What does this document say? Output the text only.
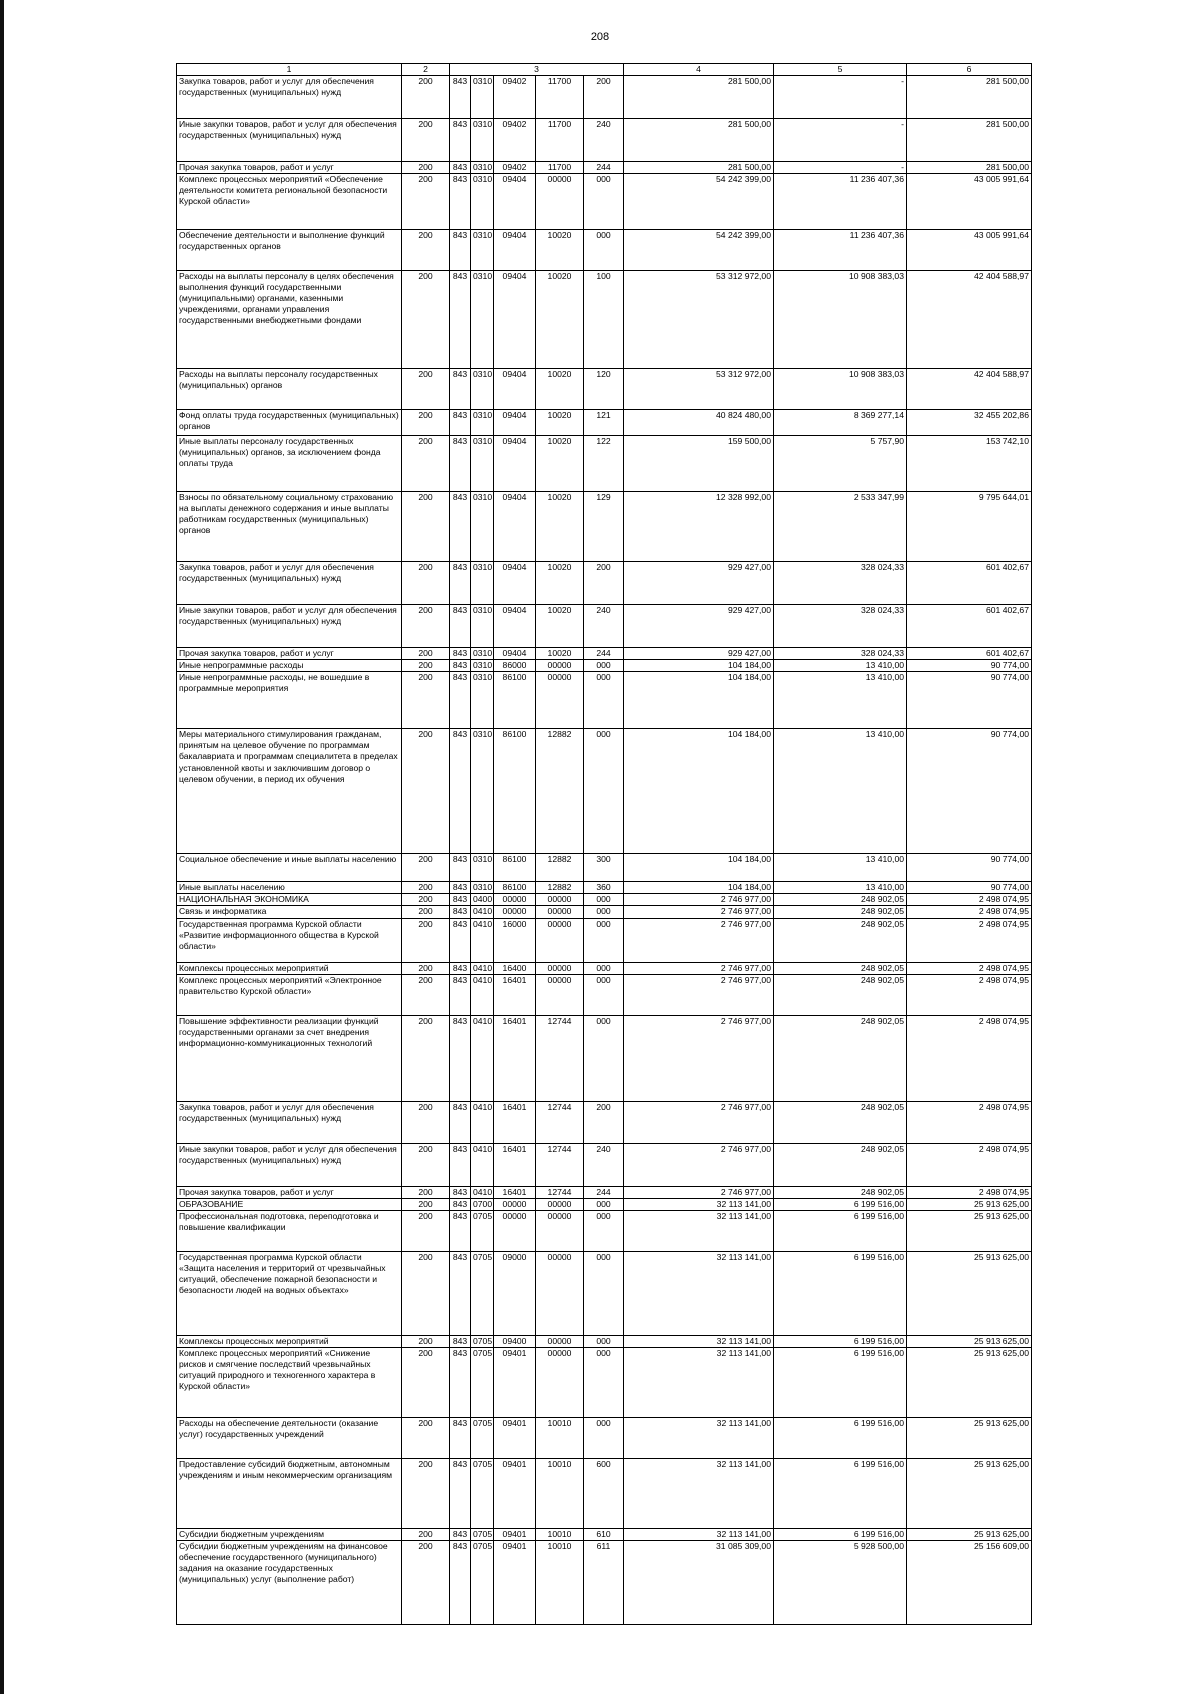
208
1	2	3					4	5	6
Закупка товаров, работ и услуг для обеспечения государственных (муниципальных) нужд	200	843	0310	09402	11700	200	281 500,00	-	281 500,00
Иные закупки товаров, работ и услуг для обеспечения государственных (муниципальных) нужд	200	843	0310	09402	11700	240	281 500,00	-	281 500,00
Прочая закупка товаров, работ и услуг	200	843	0310	09402	11700	244	281 500,00	-	281 500,00
Комплекс процессных мероприятий «Обеспечение деятельности комитета региональной безопасности Курской области»	200	843	0310	09404	00000	000	54 242 399,00	11 236 407,36	43 005 991,64
Обеспечение деятельности и выполнение функций государственных органов	200	843	0310	09404	10020	000	54 242 399,00	11 236 407,36	43 005 991,64
Расходы на выплаты персоналу в целях обеспечения выполнения функций государственными (муниципальными) органами, казенными учреждениями, органами управления государственными внебюджетными фондами	200	843	0310	09404	10020	100	53 312 972,00	10 908 383,03	42 404 588,97
Расходы на выплаты персоналу государственных (муниципальных) органов	200	843	0310	09404	10020	120	53 312 972,00	10 908 383,03	42 404 588,97
Фонд оплаты труда государственных (муниципальных) органов	200	843	0310	09404	10020	121	40 824 480,00	8 369 277,14	32 455 202,86
Иные выплаты персоналу государственных (муниципальных) органов, за исключением фонда оплаты труда	200	843	0310	09404	10020	122	159 500,00	5 757,90	153 742,10
Взносы по обязательному социальному страхованию на выплаты денежного содержания и иные выплаты работникам государственных (муниципальных) органов	200	843	0310	09404	10020	129	12 328 992,00	2 533 347,99	9 795 644,01
Закупка товаров, работ и услуг для обеспечения государственных (муниципальных) нужд	200	843	0310	09404	10020	200	929 427,00	328 024,33	601 402,67
Иные закупки товаров, работ и услуг для обеспечения государственных (муниципальных) нужд	200	843	0310	09404	10020	240	929 427,00	328 024,33	601 402,67
Прочая закупка товаров, работ и услуг	200	843	0310	09404	10020	244	929 427,00	328 024,33	601 402,67
Иные непрограммные расходы	200	843	0310	86000	00000	000	104 184,00	13 410,00	90 774,00
Иные непрограммные расходы, не вошедшие в программные мероприятия	200	843	0310	86100	00000	000	104 184,00	13 410,00	90 774,00
Меры материального стимулирования гражданам, принятым на целевое обучение по программам бакалавриата и программам специалитета в пределах установленной квоты и заключившим договор о целевом обучении, в период их обучения	200	843	0310	86100	12882	000	104 184,00	13 410,00	90 774,00
Социальное обеспечение и иные выплаты населению	200	843	0310	86100	12882	300	104 184,00	13 410,00	90 774,00
Иные выплаты населению	200	843	0310	86100	12882	360	104 184,00	13 410,00	90 774,00
НАЦИОНАЛЬНАЯ ЭКОНОМИКА	200	843	0400	00000	00000	000	2 746 977,00	248 902,05	2 498 074,95
Связь и информатика	200	843	0410	00000	00000	000	2 746 977,00	248 902,05	2 498 074,95
Государственная программа Курской области «Развитие информационного общества в Курской области»	200	843	0410	16000	00000	000	2 746 977,00	248 902,05	2 498 074,95
Комплексы процессных мероприятий	200	843	0410	16400	00000	000	2 746 977,00	248 902,05	2 498 074,95
Комплекс процессных мероприятий «Электронное правительство Курской области»	200	843	0410	16401	00000	000	2 746 977,00	248 902,05	2 498 074,95
Повышение эффективности реализации функций государственными органами за счет внедрения информационно-коммуникационных технологий	200	843	0410	16401	12744	000	2 746 977,00	248 902,05	2 498 074,95
Закупка товаров, работ и услуг для обеспечения государственных (муниципальных) нужд	200	843	0410	16401	12744	200	2 746 977,00	248 902,05	2 498 074,95
Иные закупки товаров, работ и услуг для обеспечения государственных (муниципальных) нужд	200	843	0410	16401	12744	240	2 746 977,00	248 902,05	2 498 074,95
Прочая закупка товаров, работ и услуг	200	843	0410	16401	12744	244	2 746 977,00	248 902,05	2 498 074,95
ОБРАЗОВАНИЕ	200	843	0700	00000	00000	000	32 113 141,00	6 199 516,00	25 913 625,00
Профессиональная подготовка, переподготовка и повышение квалификации	200	843	0705	00000	00000	000	32 113 141,00	6 199 516,00	25 913 625,00
Государственная программа Курской области «Защита населения и территорий от чрезвычайных ситуаций, обеспечение пожарной безопасности и безопасности людей на водных объектах»	200	843	0705	09000	00000	000	32 113 141,00	6 199 516,00	25 913 625,00
Комплексы процессных мероприятий	200	843	0705	09400	00000	000	32 113 141,00	6 199 516,00	25 913 625,00
Комплекс процессных мероприятий «Снижение рисков и смягчение последствий чрезвычайных ситуаций природного и техногенного характера в Курской области»	200	843	0705	09401	00000	000	32 113 141,00	6 199 516,00	25 913 625,00
Расходы на обеспечение деятельности (оказание услуг) государственных учреждений	200	843	0705	09401	10010	000	32 113 141,00	6 199 516,00	25 913 625,00
Предоставление субсидий бюджетным, автономным учреждениям и иным некоммерческим организациям	200	843	0705	09401	10010	600	32 113 141,00	6 199 516,00	25 913 625,00
Субсидии бюджетным учреждениям	200	843	0705	09401	10010	610	32 113 141,00	6 199 516,00	25 913 625,00
Субсидии бюджетным учреждениям на финансовое обеспечение государственного (муниципального) задания на оказание государственных (муниципальных) услуг (выполнение работ)	200	843	0705	09401	10010	611	31 085 309,00	5 928 500,00	25 156 609,00
